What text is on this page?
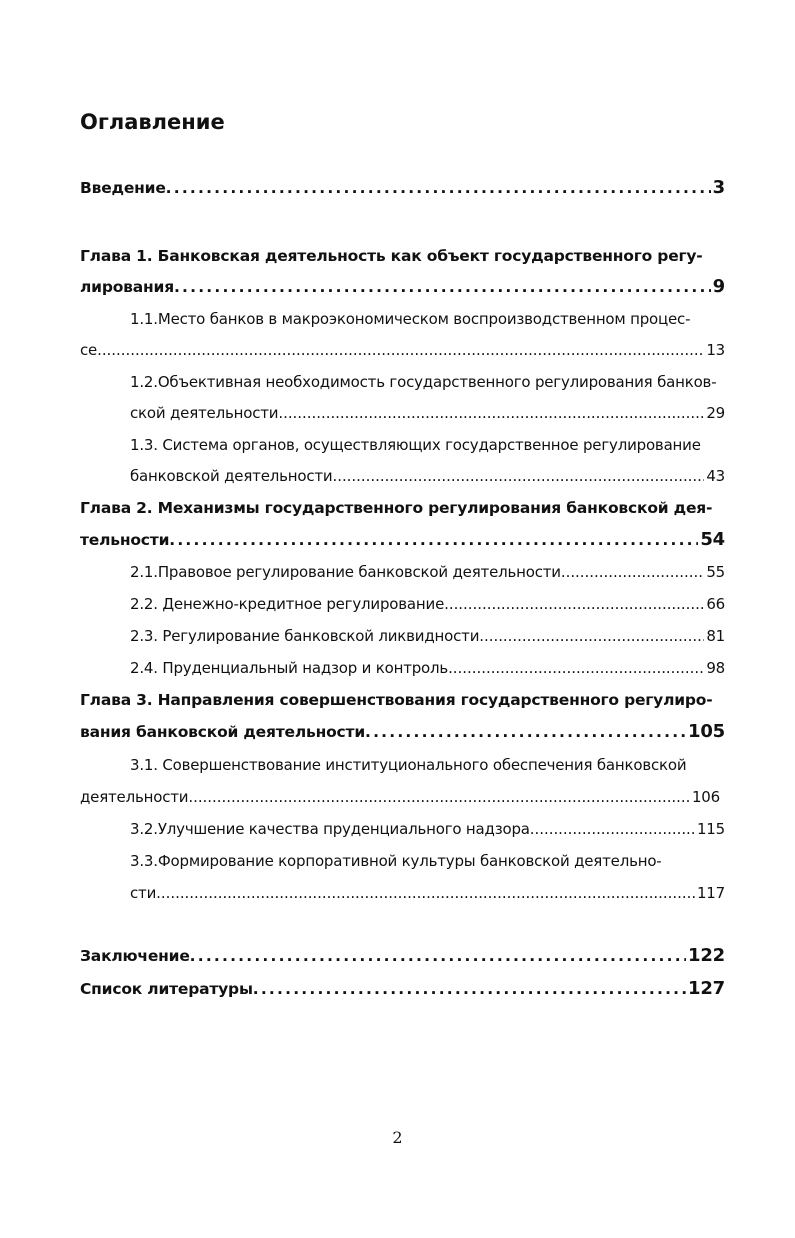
Оглавление
Введение . . .	3
Глава 1. Банковская деятельность как объект государственного регу-
лирования . . .	9
1.1.Место банков в макроэкономическом воспроизводственном процес-
се . . .	13
1.2.Объективная необходимость государственного регулирования банков-
ской деятельности . . .	29
1.3. Система органов, осуществляющих государственное регулирование
банковской деятельности . . .	43
Глава 2. Механизмы государственного регулирования банковской дея-
тельности . . .	54
2.1.Правовое регулирование банковской деятельности . . .	55
2.2. Денежно-кредитное регулирование . . .	66
2.3. Регулирование банковской ликвидности . . .	81
2.4. Пруденциальный надзор и контроль . . .	98
Глава 3. Направления совершенствования государственного регулиро-
вания банковской деятельности . . .	105
3.1. Совершенствование институционального обеспечения банковской
деятельности . . .	106
3.2.Улучшение качества пруденциального надзора . . .	115
3.3.Формирование корпоративной культуры банковской деятельно-
сти . . .	117
Заключение . . .	122
Список литературы . . .	127
2
